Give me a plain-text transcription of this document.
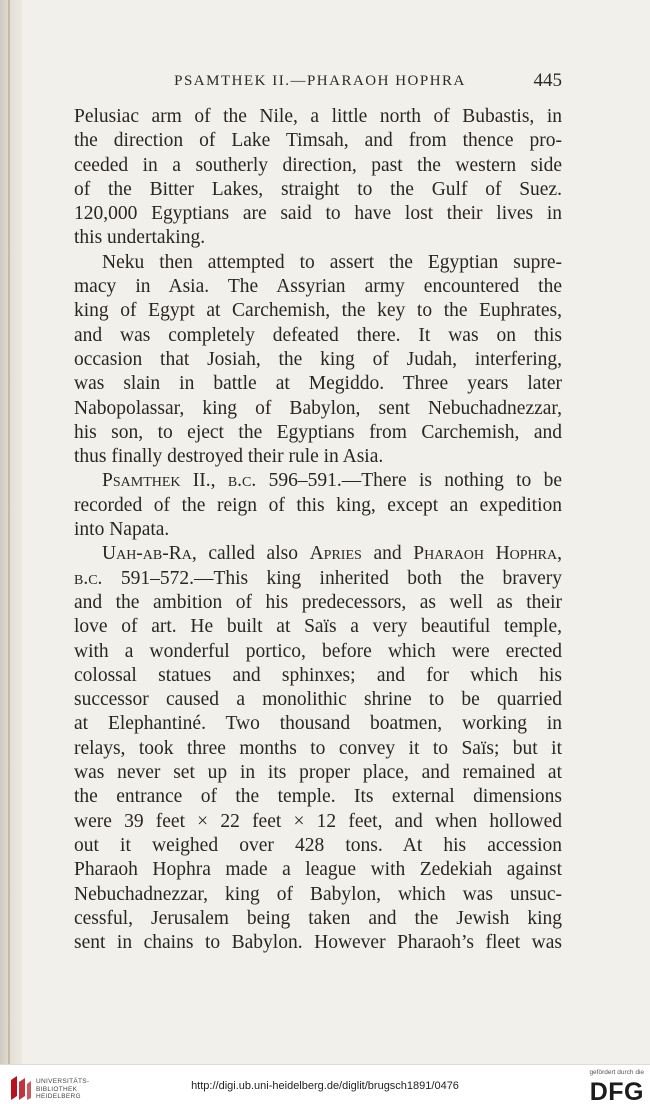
PSAMTHEK II.—PHARAOH HOPHRA	445
Pelusiac arm of the Nile, a little north of Bubastis, in
the direction of Lake Timsah, and from thence pro-
ceeded in a southerly direction, past the western side
of the Bitter Lakes, straight to the Gulf of Suez.
120,000 Egyptians are said to have lost their lives in
this undertaking.
Neku then attempted to assert the Egyptian supre-
macy in Asia. The Assyrian army encountered the
king of Egypt at Carchemish, the key to the Euphrates,
and was completely defeated there. It was on this
occasion that Josiah, the king of Judah, interfering,
was slain in battle at Megiddo. Three years later
Nabopolassar, king of Babylon, sent Nebuchadnezzar,
his son, to eject the Egyptians from Carchemish, and
thus finally destroyed their rule in Asia.
Psamthek II., b.c. 596–591.—There is nothing to be
recorded of the reign of this king, except an expedition
into Napata.
Uah-ab-Ra, called also Apries and Pharaoh Hophra,
b.c. 591–572.—This king inherited both the bravery
and the ambition of his predecessors, as well as their
love of art. He built at Saïs a very beautiful temple,
with a wonderful portico, before which were erected
colossal statues and sphinxes; and for which his
successor caused a monolithic shrine to be quarried
at Elephantiné. Two thousand boatmen, working in
relays, took three months to convey it to Saïs; but it
was never set up in its proper place, and remained at
the entrance of the temple. Its external dimensions
were 39 feet × 22 feet × 12 feet, and when hollowed
out it weighed over 428 tons. At his accession
Pharaoh Hophra made a league with Zedekiah against
Nebuchadnezzar, king of Babylon, which was unsuc-
cessful, Jerusalem being taken and the Jewish king
sent in chains to Babylon. However Pharaoh’s fleet was
UNIVERSITÄTS-
BIBLIOTHEK
HEIDELBERG
http://digi.ub.uni-heidelberg.de/diglit/brugsch1891/0476
gefördert durch die
DFG
